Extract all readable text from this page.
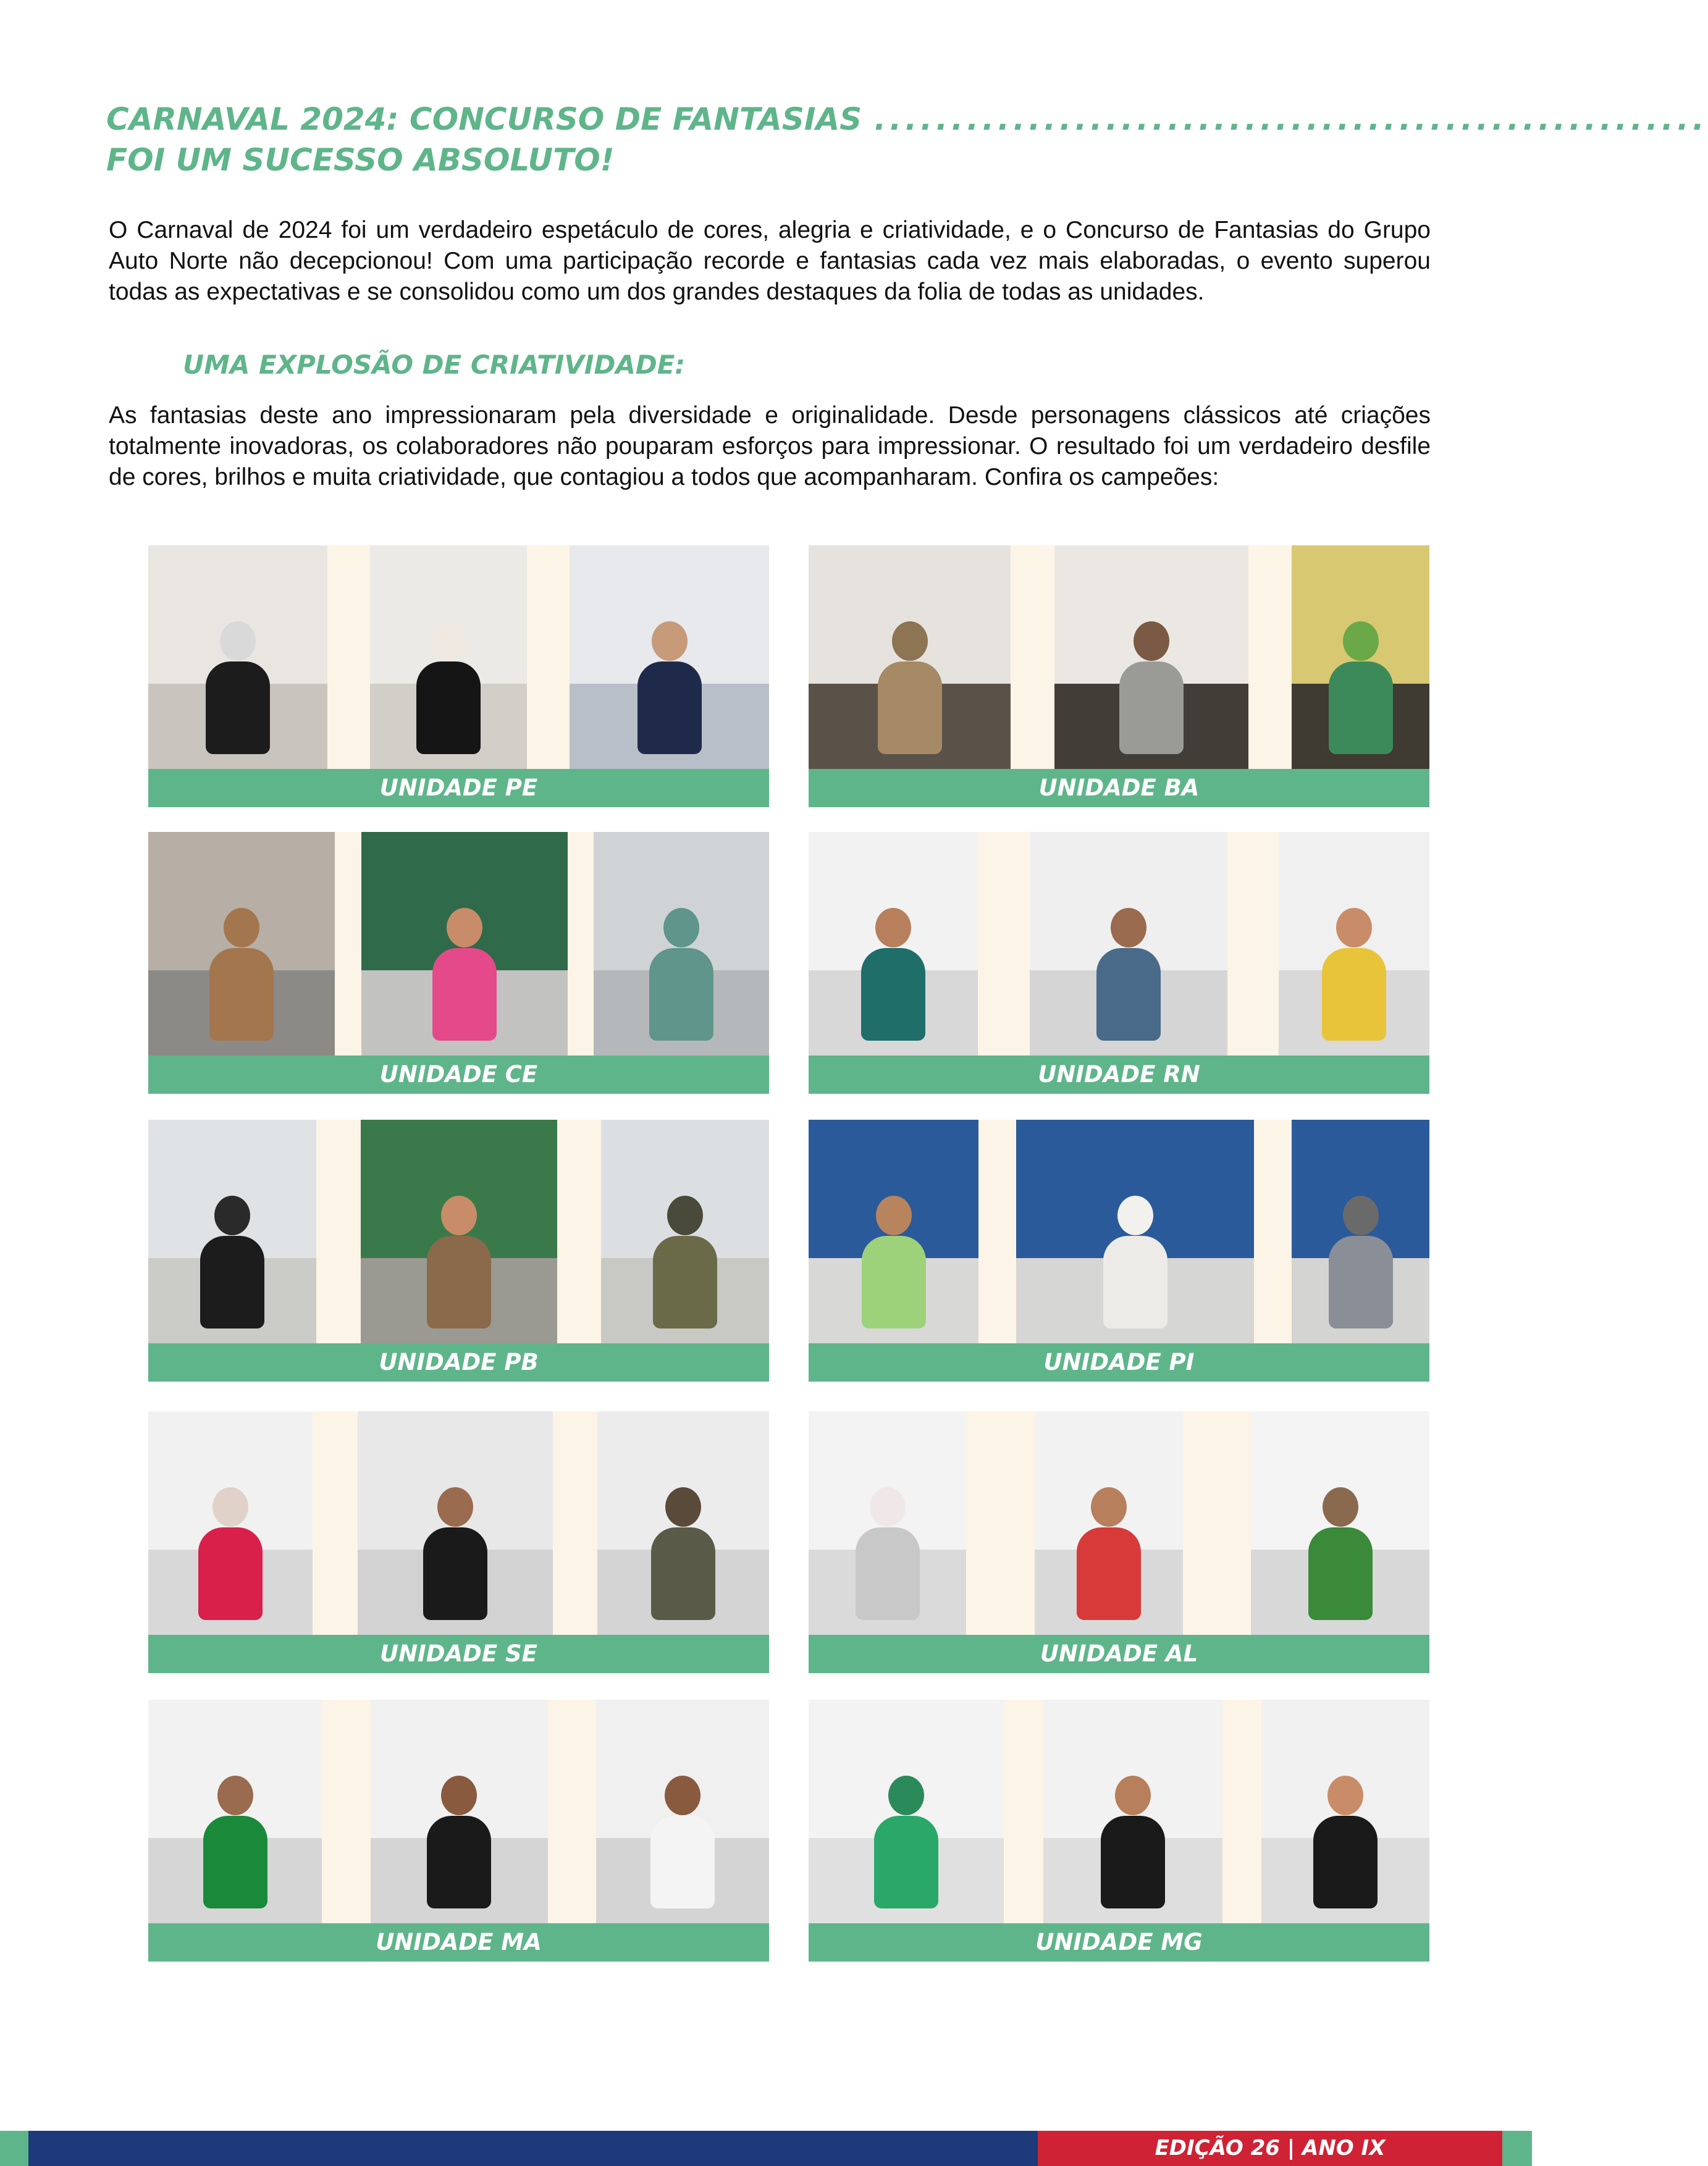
CARNAVAL 2024: CONCURSO DE FANTASIAS ......................................................
FOI UM SUCESSO ABSOLUTO!

O Carnaval de 2024 foi um verdadeiro espetáculo de cores, alegria e criatividade, e o Concurso de Fantasias do Grupo Auto Norte não decepcionou! Com uma participação recorde e fantasias cada vez mais elaboradas, o evento superou todas as expectativas e se consolidou como um dos grandes destaques da folia de todas as unidades.

UMA EXPLOSÃO DE CRIATIVIDADE:

As fantasias deste ano impressionaram pela diversidade e originalidade. Desde personagens clássicos até criações totalmente inovadoras, os colaboradores não pouparam esforços para impressionar. O resultado foi um verdadeiro desfile de cores, brilhos e muita criatividade, que contagiou a todos que acompanharam. Confira os campeões:

UNIDADE PE	UNIDADE BA
UNIDADE CE	UNIDADE RN
UNIDADE PB	UNIDADE PI
UNIDADE SE	UNIDADE AL
UNIDADE MA	UNIDADE MG
EDIÇÃO 26 | ANO IX
